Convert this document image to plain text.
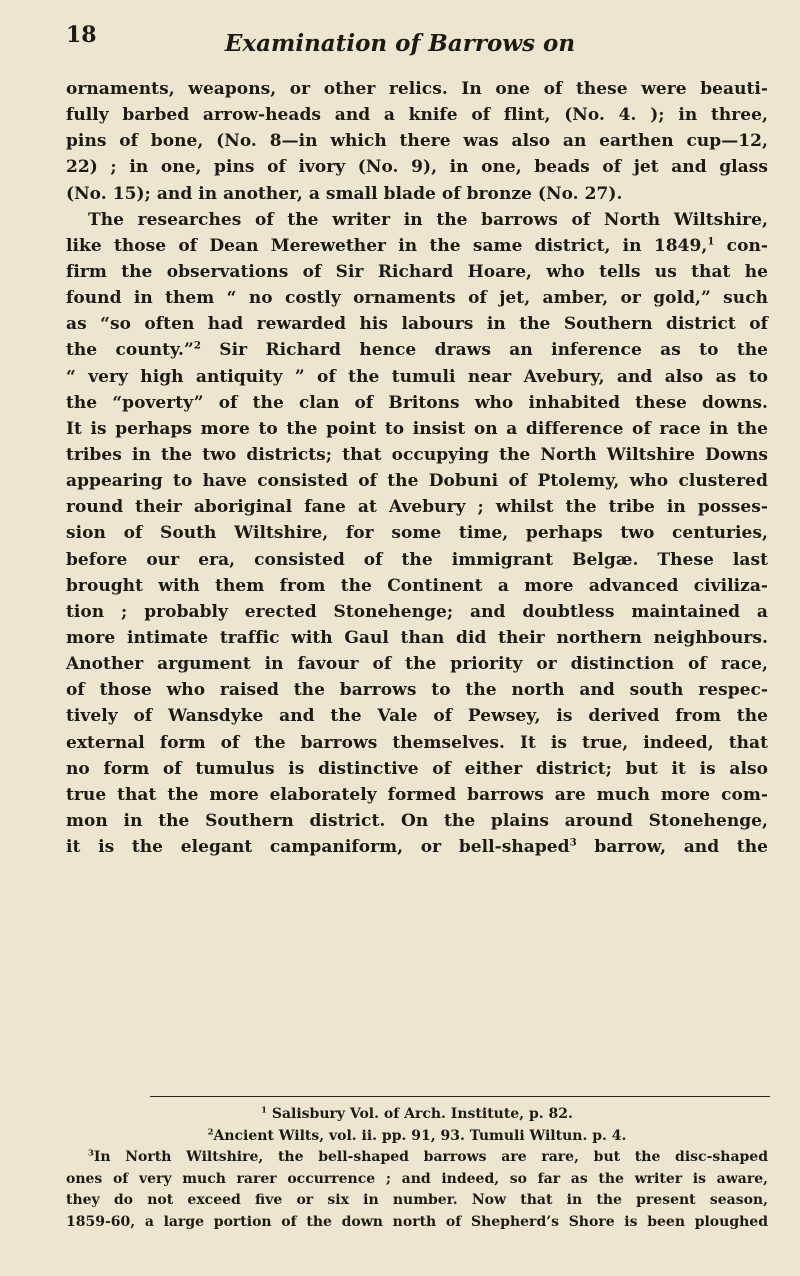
18	Examination of Barrows on
ornaments, weapons, or other relics. In one of these were beauti-
fully barbed arrow-heads and a knife of flint, (No. 4. ); in three,
pins of bone, (No. 8—in which there was also an earthen cup—12,
22) ; in one, pins of ivory (No. 9), in one, beads of jet and glass
(No. 15); and in another, a small blade of bronze (No. 27).
The researches of the writer in the barrows of North Wiltshire,
like those of Dean Merewether in the same district, in 1849,$^1$ con-
firm the observations of Sir Richard Hoare, who tells us that he
found in them “ no costly ornaments of jet, amber, or gold,” such
as “so often had rewarded his labours in the Southern district of
the county.”$^2$ Sir Richard hence draws an inference as to the
“ very high antiquity ” of the tumuli near Avebury, and also as to
the “poverty” of the clan of Britons who inhabited these downs.
It is perhaps more to the point to insist on a difference of race in the
tribes in the two districts; that occupying the North Wiltshire Downs
appearing to have consisted of the Dobuni of Ptolemy, who clustered
round their aboriginal fane at Avebury ; whilst the tribe in posses-
sion of South Wiltshire, for some time, perhaps two centuries,
before our era, consisted of the immigrant Belgæ. These last
brought with them from the Continent a more advanced civiliza-
tion ; probably erected Stonehenge; and doubtless maintained a
more intimate traffic with Gaul than did their northern neighbours.
Another argument in favour of the priority or distinction of race,
of those who raised the barrows to the north and south respec-
tively of Wansdyke and the Vale of Pewsey, is derived from the
external form of the barrows themselves. It is true, indeed, that
no form of tumulus is distinctive of either district; but it is also
true that the more elaborately formed barrows are much more com-
mon in the Southern district. On the plains around Stonehenge,
it is the elegant campaniform, or bell-shaped$^3$ barrow, and the
$^1$ Salisbury Vol. of Arch. Institute, p. 82.
$^2$Ancient Wilts, vol. ii. pp. 91, 93. Tumuli Wiltun. p. 4.
$^3$In North Wiltshire, the bell-shaped barrows are rare, but the disc-shaped
ones of very much rarer occurrence ; and indeed, so far as the writer is aware,
they do not exceed five or six in number. Now that in the present season,
1859-60, a large portion of the down north of Shepherd’s Shore is been ploughed
